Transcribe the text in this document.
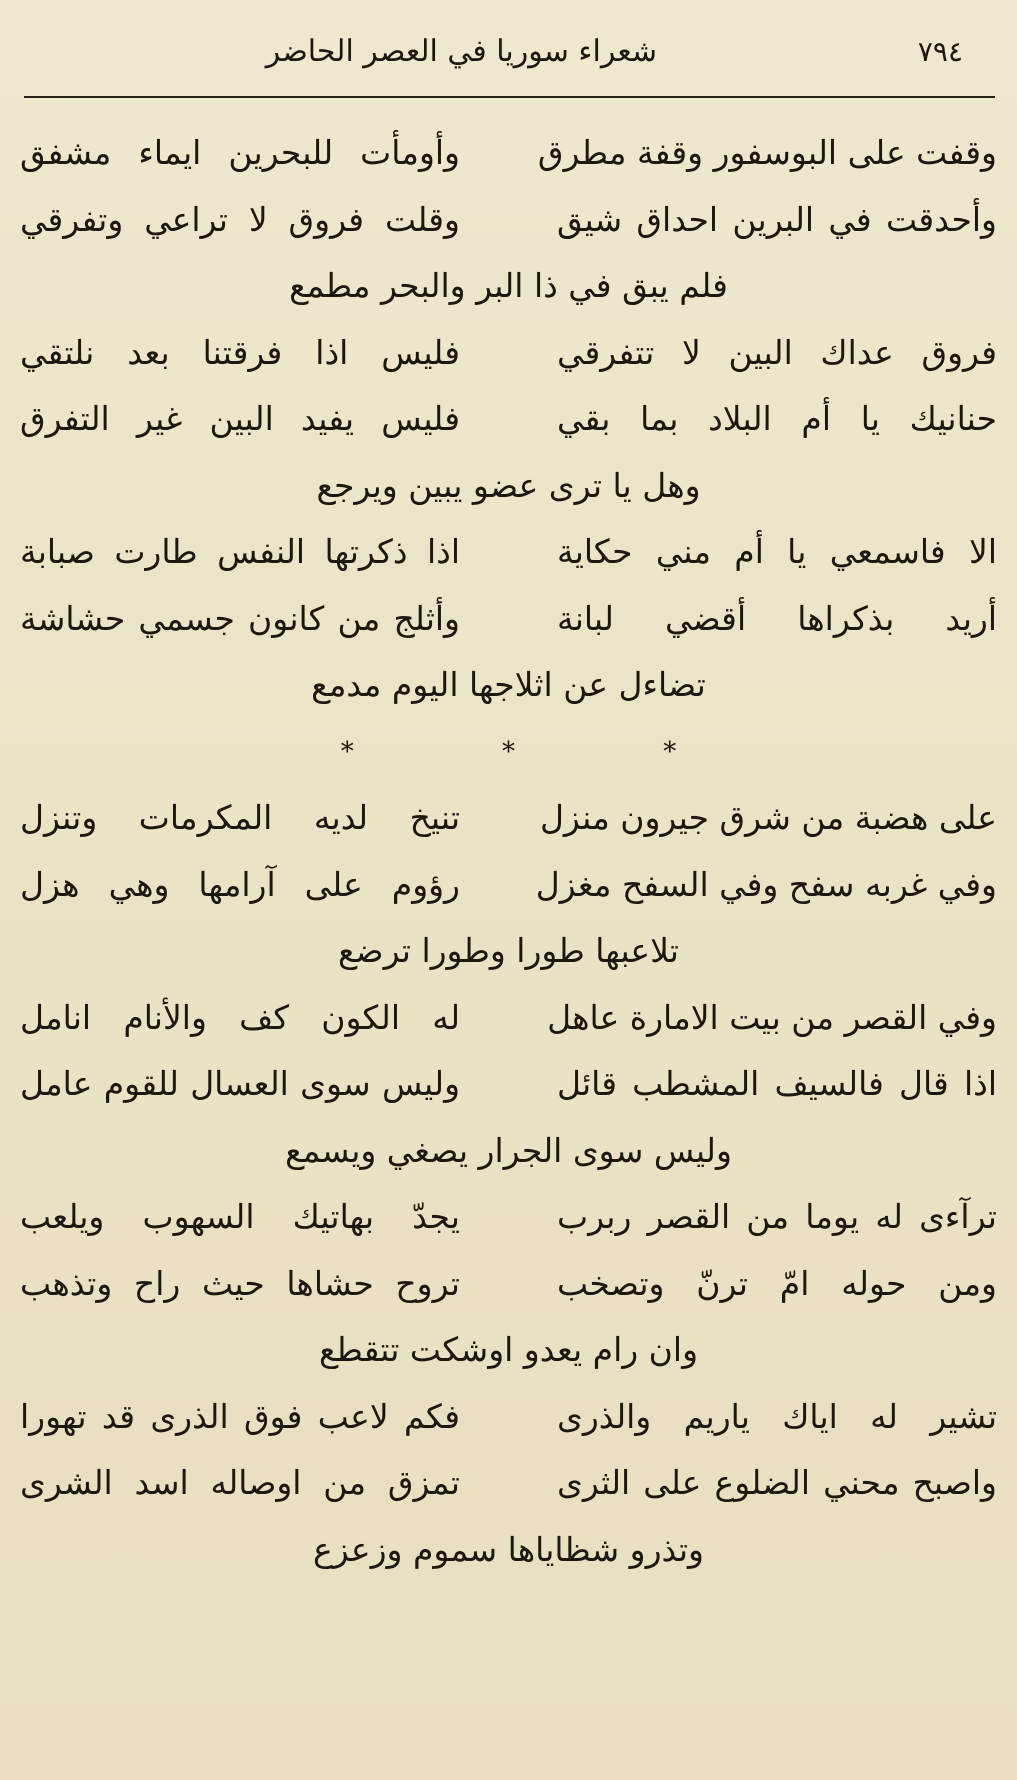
شعراء سوريا في العصر الحاضر	٧٩٤
وقفت على البوسفور وقفة مطرق
وأومأت للبحرين ايماء مشفق
وأحدقت في البرين احداق شيق
وقلت فروق لا تراعي وتفرقي
فلم يبق في ذا البر والبحر مطمع
فروق عداك البين لا تتفرقي
فليس اذا فرقتنا بعد نلتقي
حنانيك يا أم البلاد بما بقي
فليس يفيد البين غير التفرق
وهل يا ترى عضو يبين ويرجع
الا فاسمعي يا أم مني حكاية
اذا ذكرتها النفس طارت صبابة
أريد بذكراها أقضي لبانة
وأثلج من كانون جسمي حشاشة
تضاءل عن اثلاجها اليوم مدمع
* * *
على هضبة من شرق جيرون منزل
تنيخ لديه المكرمات وتنزل
وفي غربه سفح وفي السفح مغزل
رؤوم على آرامها وهي هزل
تلاعبها طورا وطورا ترضع
وفي القصر من بيت الامارة عاهل
له الكون كف والأنام انامل
اذا قال فالسيف المشطب قائل
وليس سوى العسال للقوم عامل
وليس سوى الجرار يصغي ويسمع
ترآءى له يوما من القصر ربرب
يجدّ بهاتيك السهوب ويلعب
ومن حوله امّ ترنّ وتصخب
تروح حشاها حيث راح وتذهب
وان رام يعدو اوشكت تتقطع
تشير له اياك ياريم والذرى
فكم لاعب فوق الذرى قد تهورا
واصبح محني الضلوع على الثرى
تمزق من اوصاله اسد الشرى
وتذرو شظاياها سموم وزعزع
